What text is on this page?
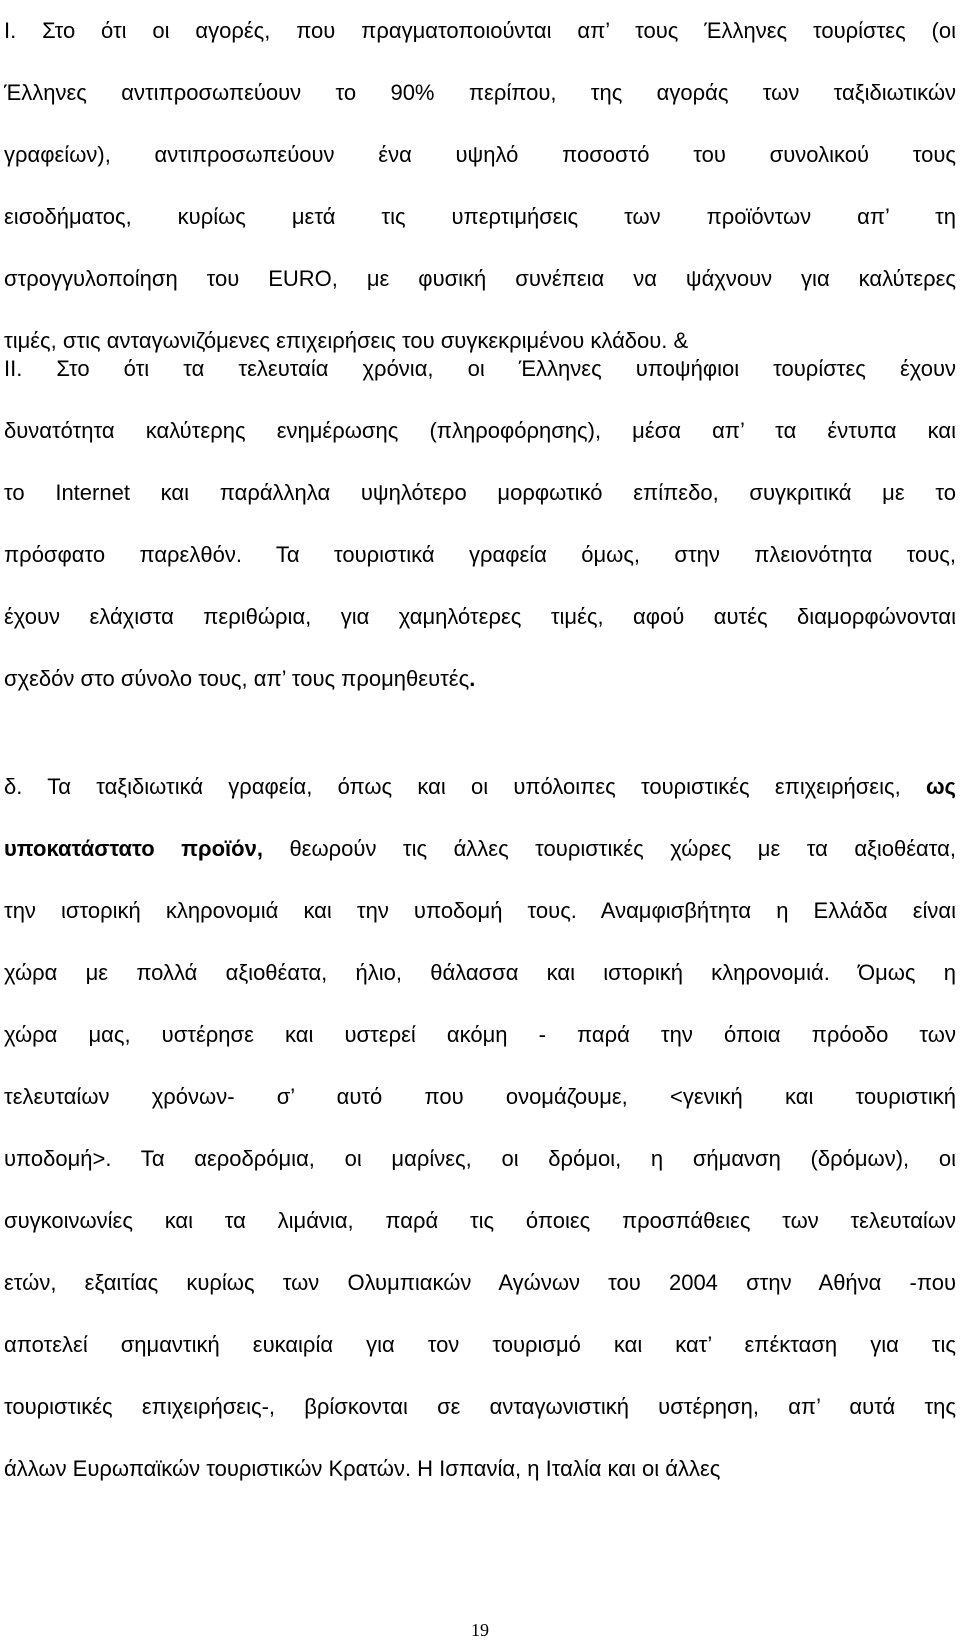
I. Στο ότι οι αγορές, που πραγματοποιούνται απ’ τους Έλληνες τουρίστες (οι
Έλληνες αντιπροσωπεύουν το 90% περίπου, της αγοράς των ταξιδιωτικών
γραφείων), αντιπροσωπεύουν ένα υψηλό ποσοστό του συνολικού τους
εισοδήματος, κυρίως μετά τις υπερτιμήσεις των προϊόντων απ’ τη
στρογγυλοποίηση του EURO, με φυσική συνέπεια να ψάχνουν για καλύτερες
τιμές, στις ανταγωνιζόμενες επιχειρήσεις του συγκεκριμένου κλάδου. &
II. Στο ότι τα τελευταία χρόνια, οι Έλληνες υποψήφιοι τουρίστες έχουν
δυνατότητα καλύτερης ενημέρωσης (πληροφόρησης), μέσα απ’ τα έντυπα και
το Internet και παράλληλα υψηλότερο μορφωτικό επίπεδο, συγκριτικά με το
πρόσφατο παρελθόν. Τα τουριστικά γραφεία όμως, στην πλειονότητα τους,
έχουν ελάχιστα περιθώρια, για χαμηλότερες τιμές, αφού αυτές διαμορφώνονται
σχεδόν στο σύνολο τους, απ’ τους προμηθευτές.
δ. Τα ταξιδιωτικά γραφεία, όπως και οι υπόλοιπες τουριστικές επιχειρήσεις, ως
υποκατάστατο προϊόν, θεωρούν τις άλλες τουριστικές χώρες με τα αξιοθέατα,
την ιστορική κληρονομιά και την υποδομή τους. Αναμφισβήτητα η Ελλάδα είναι
χώρα με πολλά αξιοθέατα, ήλιο, θάλασσα και ιστορική κληρονομιά. Όμως η
χώρα μας, υστέρησε και υστερεί ακόμη - παρά την όποια πρόοδο των
τελευταίων χρόνων- σ’ αυτό που ονομάζουμε, <γενική και τουριστική
υποδομή>. Τα αεροδρόμια, οι μαρίνες, οι δρόμοι, η σήμανση (δρόμων), οι
συγκοινωνίες και τα λιμάνια, παρά τις όποιες προσπάθειες των τελευταίων
ετών, εξαιτίας κυρίως των Ολυμπιακών Αγώνων του 2004 στην Αθήνα -που
αποτελεί σημαντική ευκαιρία για τον τουρισμό και κατ’ επέκταση για τις
τουριστικές επιχειρήσεις-, βρίσκονται σε ανταγωνιστική υστέρηση, απ’ αυτά της
άλλων Ευρωπαϊκών τουριστικών Κρατών. Η Ισπανία, η Ιταλία και οι άλλες
19
